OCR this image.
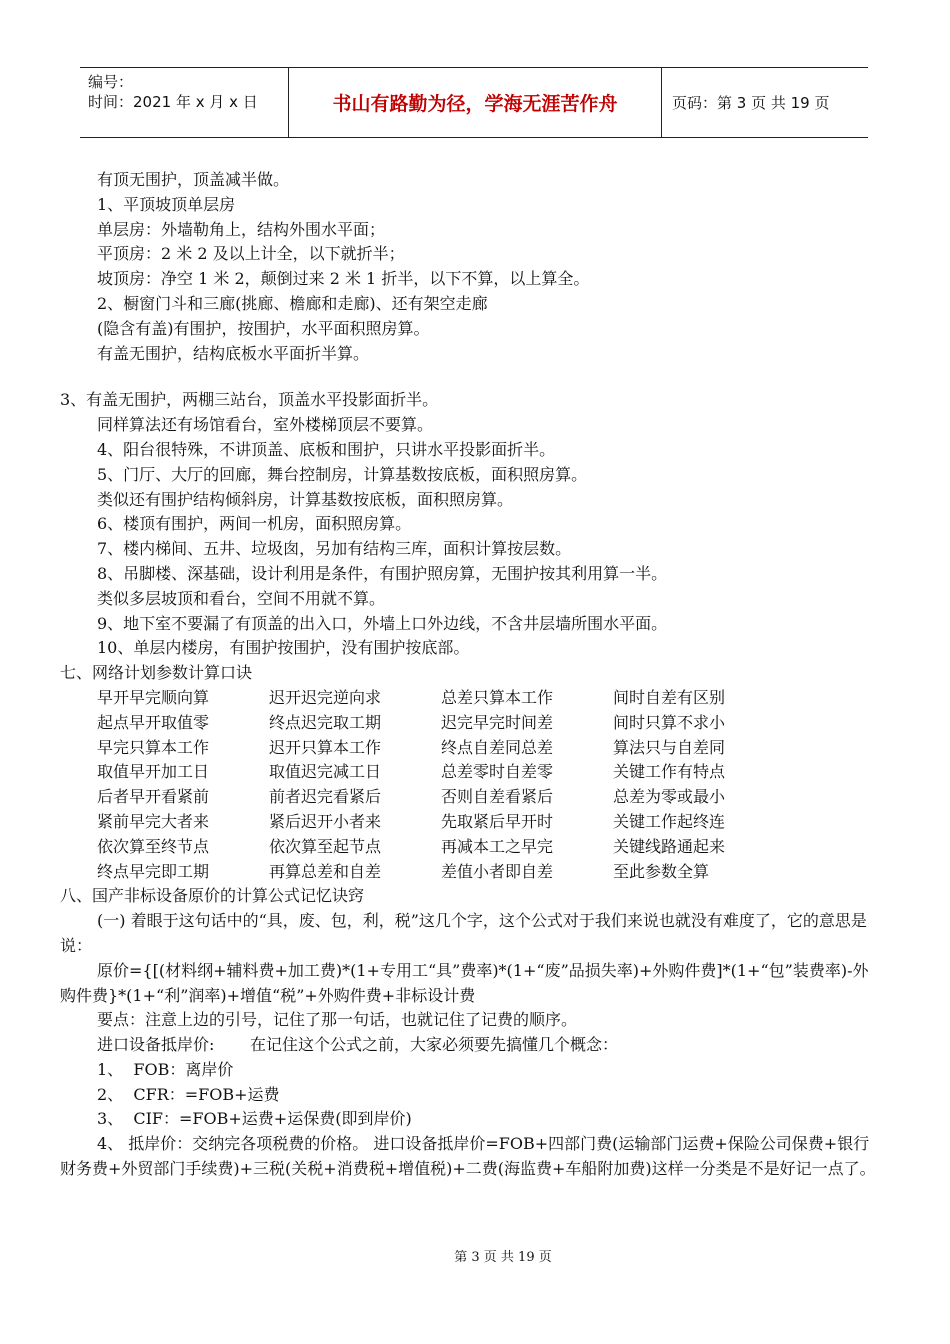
编号：
时间：2021 年 x 月 x 日	书山有路勤为径，学海无涯苦作舟	页码：第 3 页 共 19 页
有顶无围护，顶盖减半做。
1、平顶坡顶单层房
单层房：外墙勒角上，结构外围水平面；
平顶房：2 米 2 及以上计全，以下就折半；
坡顶房：净空 1 米 2，颠倒过来 2 米 1 折半，以下不算，以上算全。
2、橱窗门斗和三廊(挑廊、檐廊和走廊)、还有架空走廊
(隐含有盖)有围护，按围护，水平面积照房算。
有盖无围护，结构底板水平面折半算。
3、有盖无围护，两棚三站台，顶盖水平投影面折半。
同样算法还有场馆看台，室外楼梯顶层不要算。
4、阳台很特殊，不讲顶盖、底板和围护，只讲水平投影面折半。
5、门厅、大厅的回廊，舞台控制房，计算基数按底板，面积照房算。
类似还有围护结构倾斜房，计算基数按底板，面积照房算。
6、楼顶有围护，两间一机房，面积照房算。
7、楼内梯间、五井、垃圾囱，另加有结构三库，面积计算按层数。
8、吊脚楼、深基础，设计利用是条件，有围护照房算，无围护按其利用算一半。
类似多层坡顶和看台，空间不用就不算。
9、地下室不要漏了有顶盖的出入口，外墙上口外边线，不含井层墙所围水平面。
10、单层内楼房，有围护按围护，没有围护按底部。
七、网络计划参数计算口诀
早开早完顺向算	迟开迟完逆向求	总差只算本工作	间时自差有区别
起点早开取值零	终点迟完取工期	迟完早完时间差	间时只算不求小
早完只算本工作	迟开只算本工作	终点自差同总差	算法只与自差同
取值早开加工日	取值迟完减工日	总差零时自差零	关键工作有特点
后者早开看紧前	前者迟完看紧后	否则自差看紧后	总差为零或最小
紧前早完大者来	紧后迟开小者来	先取紧后早开时	关键工作起终连
依次算至终节点	依次算至起节点	再减本工之早完	关键线路通起来
终点早完即工期	再算总差和自差	差值小者即自差	至此参数全算
八、国产非标设备原价的计算公式记忆诀窍
(一) 着眼于这句话中的“具，废、包，利，税”这几个字，这个公式对于我们来说也就没有难度了，它的意思是说：
原价={[(材料纲+辅料费+加工费)*(1+专用工“具”费率)*(1+“废”品损失率)+外购件费]*(1+“包”装费率)-外购件费}*(1+“利”润率)+增值“税”+外购件费+非标设计费
要点：注意上边的引号，记住了那一句话，也就记住了记费的顺序。
进口设备抵岸价:       在记住这个公式之前，大家必须要先搞懂几个概念：
1、  FOB：离岸价
2、  CFR：=FOB+运费
3、  CIF：=FOB+运费+运保费(即到岸价)
4、 抵岸价：交纳完各项税费的价格。 进口设备抵岸价=FOB+四部门费(运输部门运费+保险公司保费+银行财务费+外贸部门手续费)+三税(关税+消费税+增值税)+二费(海监费+车船附加费)这样一分类是不是好记一点了。
第 3 页 共 19 页
